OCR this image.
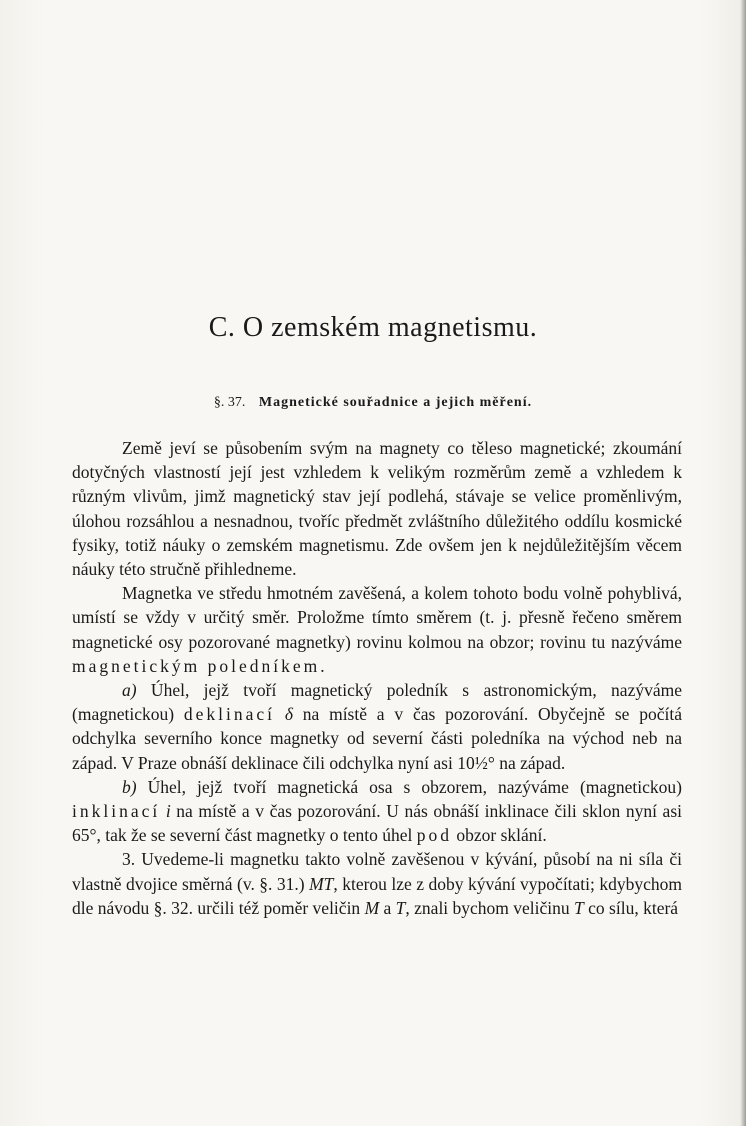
C. O zemském magnetismu.
§. 37. Magnetické souřadnice a jejich měření.

Země jeví se působením svým na magnety co těleso magnetické; zkoumání dotyčných vlastností její jest vzhledem k velikým rozměrům země a vzhledem k různým vlivům, jimž magnetický stav její podlehá, stávaje se velice proměnlivým, úlohou rozsáhlou a nesnadnou, tvoříc předmět zvláštního důležitého oddílu kosmické fysiky, totiž náuky o zemském magnetismu. Zde ovšem jen k nejdůležitějším věcem náuky této stručně přihledneme.

Magnetka ve středu hmotném zavěšená, a kolem tohoto bodu volně pohyblivá, umístí se vždy v určitý směr. Proložme tímto směrem (t. j. přesně řečeno směrem magnetické osy pozorované magnetky) rovinu kolmou na obzor; rovinu tu nazýváme magnetickým poledníkem.

a) Úhel, jejž tvoří magnetický poledník s astronomickým, nazýváme (magnetickou) deklinací δ na místě a v čas pozorování. Obyčejně se počítá odchylka severního konce magnetky od severní části poledníka na východ neb na západ. V Praze obnáší deklinace čili odchylka nyní asi 10½° na západ.

b) Úhel, jejž tvoří magnetická osa s obzorem, nazýváme (magnetickou) inklinací i na místě a v čas pozorování. U nás obnáší inklinace čili sklon nyní asi 65°, tak že se severní část magnetky o tento úhel pod obzor sklání.

3. Uvedeme-li magnetku takto volně zavěšenou v kývání, působí na ni síla či vlastně dvojice směrná (v. §. 31.) MT, kterou lze z doby kývání vypočítati; kdybychom dle návodu §. 32. určili též poměr veličin M a T, znali bychom veličinu T co sílu, která
